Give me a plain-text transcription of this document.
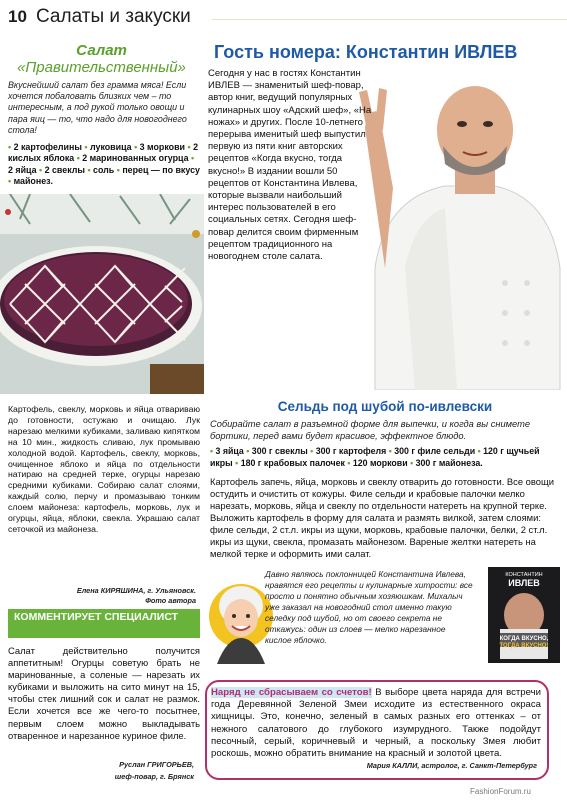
10 Салаты и закуски
Салат
«Правительственный»
Вкуснейший салат без грамма мяса! Если хочется побаловать близких чем – то интересным, а под рукой только овощи и пара яиц — то, что надо для новогоднего стола!
• 2 картофелины • луковица • 3 моркови • 2 кислых яблока • 2 маринованных огурца • 2 яйца • 2 свеклы • соль • перец — по вкусу • майонез.
Картофель, свеклу, морковь и яйца отвариваю до готовности, остужаю и очищаю. Лук нарезаю мелкими кубиками, заливаю кипятком на 10 мин., жидкость сливаю, лук промываю холодной водой. Картофель, свеклу, морковь, очищенное яблоко и яйца по отдельности натираю на средней терке, огурцы нарезаю средними кубиками. Собираю салат слоями, каждый солю, перчу и промазываю тонким слоем майонеза: картофель, морковь, лук и огурцы, яйца, яблоки, свекла. Украшаю салат сеточкой из майонеза.
Елена КИРЯШИНА, г. Ульяновск.
Фото автора
КОММЕНТИРУЕТ СПЕЦИАЛИСТ
Салат действительно получится аппетитным! Огурцы советую брать не маринованные, а соленые — нарезать их кубиками и выложить на сито минут на 15, чтобы стек лишний сок и салат не размок. Если хочется все же чего-то посытнее, первым слоем можно выкладывать отваренное и нарезанное куриное филе.
Руслан ГРИГОРЬЕВ,
шеф-повар, г. Брянск
Гость номера: Константин ИВЛЕВ
Сегодня у нас в гостях Константин ИВЛЕВ — знаменитый шеф-повар, автор книг, ведущий популярных кулинарных шоу «Адский шеф», «На ножах» и других. После 10-летнего перерыва именитый шеф выпустил первую из пяти книг авторских рецептов «Когда вкусно, тогда вкусно!» В издании вошли 50 рецептов от Константина Ивлева, которые вызвали наибольший интерес пользователей в его социальных сетях. Сегодня шеф-повар делится своим фирменным рецептом традиционного на новогоднем столе салата.
Сельдь под шубой по-ивлевски
Собирайте салат в разъемной форме для выпечки, и когда вы снимете бортики, перед вами будет красивое, эффектное блюдо.
• 3 яйца • 300 г свеклы • 300 г картофеля • 300 г филе сельди • 120 г щучьей икры • 180 г крабовых палочек • 120 моркови • 300 г майонеза.
Картофель запечь, яйца, морковь и свеклу отварить до готовности. Все овощи остудить и очистить от кожуры. Филе сельди и крабовые палочки мелко нарезать, морковь, яйца и свеклу по отдельности натереть на крупной терке. Выложить картофель в форму для салата и размять вилкой, затем слоями: филе сельди, 2 ст.л. икры из щуки, морковь, крабовые палочки, белки, 2 ст.л. икры из щуки, свекла, промазать майонезом. Вареные желтки натереть на мелкой терке и оформить ими салат.
Давно являюсь поклонницей Константина Ивлева, нравятся его рецепты и кулинарные хитрости: все просто и понятно обычным хозяюшкам. Михалыч уже заказал на новогодний стол именно такую селедку под шубой, но от своего секрета не откажусь: один из слоев — мелко нарезанное кислое яблочко.
КОНСТАНТИН
ИВЛЕВ
КОГДА ВКУСНО,
ТОГДА ВКУСНО!
Наряд не сбрасываем со счетов! В выборе цвета наряда для встречи года Деревянной Зеленой Змеи исходите из естественного окраса хищницы. Это, конечно, зеленый в самых разных его оттенках – от нежного салатового до глубокого изумрудного. Также подойдут песочный, серый, коричневый и черный, а поскольку Змея любит роскошь, можно обратить внимание на красный и золотой цвета.
Мария КАЛЛИ, астролог, г. Санкт-Петербург
FashionForum.ru
